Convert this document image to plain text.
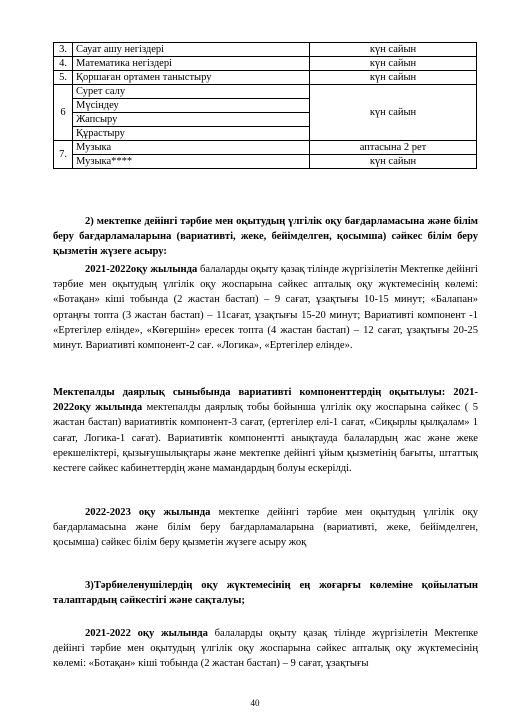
3.	Сауат ашу негіздері	күн сайын
4.	Математика негіздері	күн сайын
5.	Қоршаған ортамен таныстыру	күн сайын
6	Сурет салу	күн сайын
	Мүсіндеу	
	Жапсыру	
	Құрастыру	
7.	Музыка	аптасына 2 рет
	Музыка****	күн сайын

2) мектепке дейінгі тәрбие мен оқытудың үлгілік оқу бағдарламасына және білім беру бағдарламаларына (вариативті, жеке, бейімделген, қосымша) сәйкес білім беру қызметін жүзеге асыру:

2021-2022оқу жылында балаларды оқыту қазақ тілінде жүргізілетін Мектепке дейінгі тәрбие мен оқытудың үлгілік оқу жоспарына сәйкес апталық оқу жүктемесінің көлемі: «Ботақан» кіші тобында (2 жастан бастап) – 9 сағат, ұзақтығы 10-15 минут; «Балапан» ортаңғы топта (3 жастан бастап) – 11сағат, ұзақтығы 15-20 минут; Вариативті компонент -1 «Ертегілер елінде», «Көгершін» ересек топта (4 жастан бастап) – 12 сағат, ұзақтығы 20-25 минут. Вариативті компонент-2 сағ. «Логика», «Ертегілер елінде».

Мектепалды даярлық сыныбында вариативті компоненттердің оқытылуы: 2021-2022оқу жылында мектепалды даярлық тобы бойынша үлгілік оқу жоспарына сәйкес ( 5 жастан бастап) вариативтік компонент-3 сағат, (ертегілер елі-1 сағат, «Сиқырлы қылқалам» 1 сағат, Логика-1 сағат). Вариативтік компонентті анықтауда балалардың жас және жеке ерекшеліктері, қызығушылықтары және мектепке дейінгі ұйым қызметінің бағыты, штаттық кестеге сәйкес кабинеттердің және мамандардың болуы ескерілді.

2022-2023 оқу жылында мектепке дейінгі тәрбие мен оқытудың үлгілік оқу бағдарламасына және білім беру бағдарламаларына (вариативті, жеке, бейімделген, қосымша) сәйкес білім беру қызметін жүзеге асыру жоқ

3)Тәрбиеленушілердің оқу жүктемесінің ең жоғарғы көлеміне қойылатын талаптардың сәйкестігі және сақталуы;

2021-2022 оқу жылында балаларды оқыту қазақ тілінде жүргізілетін Мектепке дейінгі тәрбие мен оқытудың үлгілік оқу жоспарына сәйкес апталық оқу жүктемесінің көлемі: «Ботақан» кіші тобында (2 жастан бастап) – 9 сағат, ұзақтығы

40
